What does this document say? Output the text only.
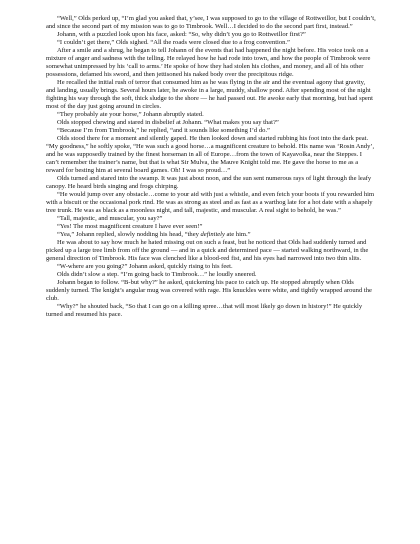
“Well,” Olds perked up, “I’m glad you asked that, y’see, I was supposed to go to the village of Rottweillor, but I couldn’t, and since the second part of my mission was to go to Timbrook. Well…I decided to do the second part first, instead.”

Johann, with a puzzled look upon his face, asked: “So, why didn’t you go to Rottweillor first?”

“I couldn’t get there,” Olds sighed. “All the roads were closed due to a frog convention.”

After a smile and a shrug, he began to tell Johann of the events that had happened the night before. His voice took on a mixture of anger and sadness with the telling. He relayed how he had rode into town, and how the people of Timbrook were somewhat unimpressed by his ‘call to arms.’ He spoke of how they had stolen his clothes, and money, and all of his other possessions, defamed his sword, and then jettisoned his naked body over the precipitous ridge.

He recalled the initial rush of terror that consumed him as he was flying in the air and the eventual agony that gravity, and landing, usually brings. Several hours later, he awoke in a large, muddy, shallow pond. After spending most of the night fighting his way through the soft, thick sludge to the shore — he had passed out. He awoke early that morning, but had spent most of the day just going around in circles.

“They probably ate your horse,” Johann abruptly stated.

Olds stopped chewing and stared in disbelief at Johann. “What makes you say that?”

“Because I’m from Timbrook,” he replied, “and it sounds like something I’d do.”

Olds stood there for a moment and silently gaped. He then looked down and started rubbing his foot into the dark peat. “My goodness,” he softly spoke, “He was such a good horse…a magnificent creature to behold. His name was ‘Rosin Andy’, and he was supposedly trained by the finest horseman in all of Europe…from the town of Kayavolka, near the Steppes. I can’t remember the trainer’s name, but that is what Sir Mulva, the Mauve Knight told me. He gave the horse to me as a reward for besting him at several board games. Oh! I was so proud…”

Olds turned and stared into the swamp. It was just about noon, and the sun sent numerous rays of light through the leafy canopy. He heard birds singing and frogs chirping.

“He would jump over any obstacle…come to your aid with just a whistle, and even fetch your boots if you rewarded him with a biscuit or the occasional pork rind. He was as strong as steel and as fast as a warthog late for a hot date with a shapely tree trunk. He was as black as a moonless night, and tall, majestic, and muscular. A real sight to behold, he was.”

“Tall, majestic, and muscular, you say?”

“Yes! The most magnificent creature I have ever seen!”

“Yea,” Johann replied, slowly nodding his head, “they definitely ate him.”

He was about to say how much he hated missing out on such a feast, but he noticed that Olds had suddenly turned and picked up a large tree limb from off the ground — and in a quick and determined pace — started walking northward, in the general direction of Timbrook. His face was clenched like a blood-red fist, and his eyes had narrowed into two thin slits.

“W-where are you going?” Johann asked, quickly rising to his feet.

Olds didn’t slow a step. “I’m going back to Timbrook…” he loudly sneered.

Johann began to follow. “B-but why?” he asked, quickening his pace to catch up. He stopped abruptly when Olds suddenly turned. The knight’s angular mug was covered with rage. His knuckles were white, and tightly wrapped around the club.

“Why?” he shouted back, “So that I can go on a killing spree…that will most likely go down in history!” He quickly turned and resumed his pace.
